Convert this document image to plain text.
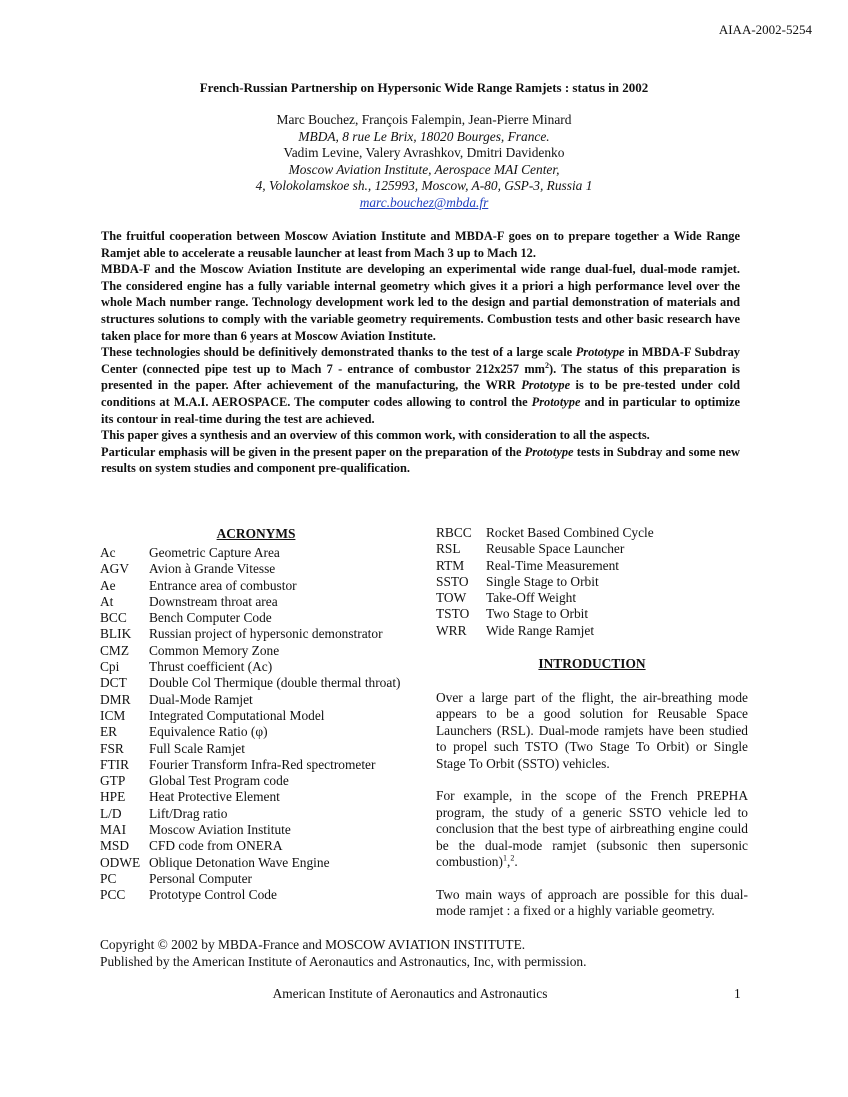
AIAA-2002-5254
French-Russian Partnership on Hypersonic Wide Range Ramjets : status in 2002
Marc Bouchez, François Falempin, Jean-Pierre Minard
MBDA, 8 rue Le Brix, 18020 Bourges, France.
Vadim Levine, Valery Avrashkov, Dmitri Davidenko
Moscow Aviation Institute, Aerospace MAI Center,
4, Volokolamskoe sh., 125993, Moscow, A-80, GSP-3, Russia 1
marc.bouchez@mbda.fr

The fruitful cooperation between Moscow Aviation Institute and MBDA-F goes on to prepare together a Wide Range Ramjet able to accelerate a reusable launcher at least from Mach 3 up to Mach 12.

MBDA-F and the Moscow Aviation Institute are developing an experimental wide range dual-fuel, dual-mode ramjet. The considered engine has a fully variable internal geometry which gives it a priori a high performance level over the whole Mach number range. Technology development work led to the design and partial demonstration of materials and structures solutions to comply with the variable geometry requirements. Combustion tests and other basic research have taken place for more than 6 years at Moscow Aviation Institute.

These technologies should be definitively demonstrated thanks to the test of a large scale Prototype in MBDA-F Subdray Center (connected pipe test up to Mach 7 - entrance of combustor 212x257 $mm^2$). The status of this preparation is presented in the paper. After achievement of the manufacturing, the WRR Prototype is to be pre-tested under cold conditions at M.A.I. AEROSPACE. The computer codes allowing to control the Prototype and in particular to optimize its contour in real-time during the test are achieved.

This paper gives a synthesis and an overview of this common work, with consideration to all the aspects.

Particular emphasis will be given in the present paper on the preparation of the Prototype tests in Subdray and some new results on system studies and component pre-qualification.

ACRONYMS
Ac	Geometric Capture Area
AGV	Avion à Grande Vitesse
Ae	Entrance area of combustor
At	Downstream throat area
BCC	Bench Computer Code
BLIK	Russian project of hypersonic demonstrator
CMZ	Common Memory Zone
Cpi	Thrust coefficient (Ac)
DCT	Double Col Thermique (double thermal throat)
DMR	Dual-Mode Ramjet
ICM	Integrated Computational Model
ER	Equivalence Ratio (φ)
FSR	Full Scale Ramjet
FTIR	Fourier Transform Infra-Red spectrometer
GTP	Global Test Program code
HPE	Heat Protective Element
L/D	Lift/Drag ratio
MAI	Moscow Aviation Institute
MSD	CFD code from ONERA
ODWE Oblique Detonation Wave Engine
PC	Personal Computer
PCC	Prototype Control Code
RBCC	Rocket Based Combined Cycle
RSL	Reusable Space Launcher
RTM	Real-Time Measurement
SSTO	Single Stage to Orbit
TOW	Take-Off Weight
TSTO	Two Stage to Orbit
WRR	Wide Range Ramjet
INTRODUCTION

Over a large part of the flight, the air-breathing mode appears to be a good solution for Reusable Space Launchers (RSL). Dual-mode ramjets have been studied to propel such TSTO (Two Stage To Orbit) or Single Stage To Orbit (SSTO) vehicles.

For example, in the scope of the French PREPHA program, the study of a generic SSTO vehicle led to conclusion that the best type of airbreathing engine could be the dual-mode ramjet (subsonic then supersonic combustion)$^1$,$^2$.

Two main ways of approach are possible for this dual-mode ramjet : a fixed or a highly variable geometry.

Copyright © 2002 by MBDA-France and MOSCOW AVIATION INSTITUTE.
Published by the American Institute of Aeronautics and Astronautics, Inc, with permission.
American Institute of Aeronautics and Astronautics	1
